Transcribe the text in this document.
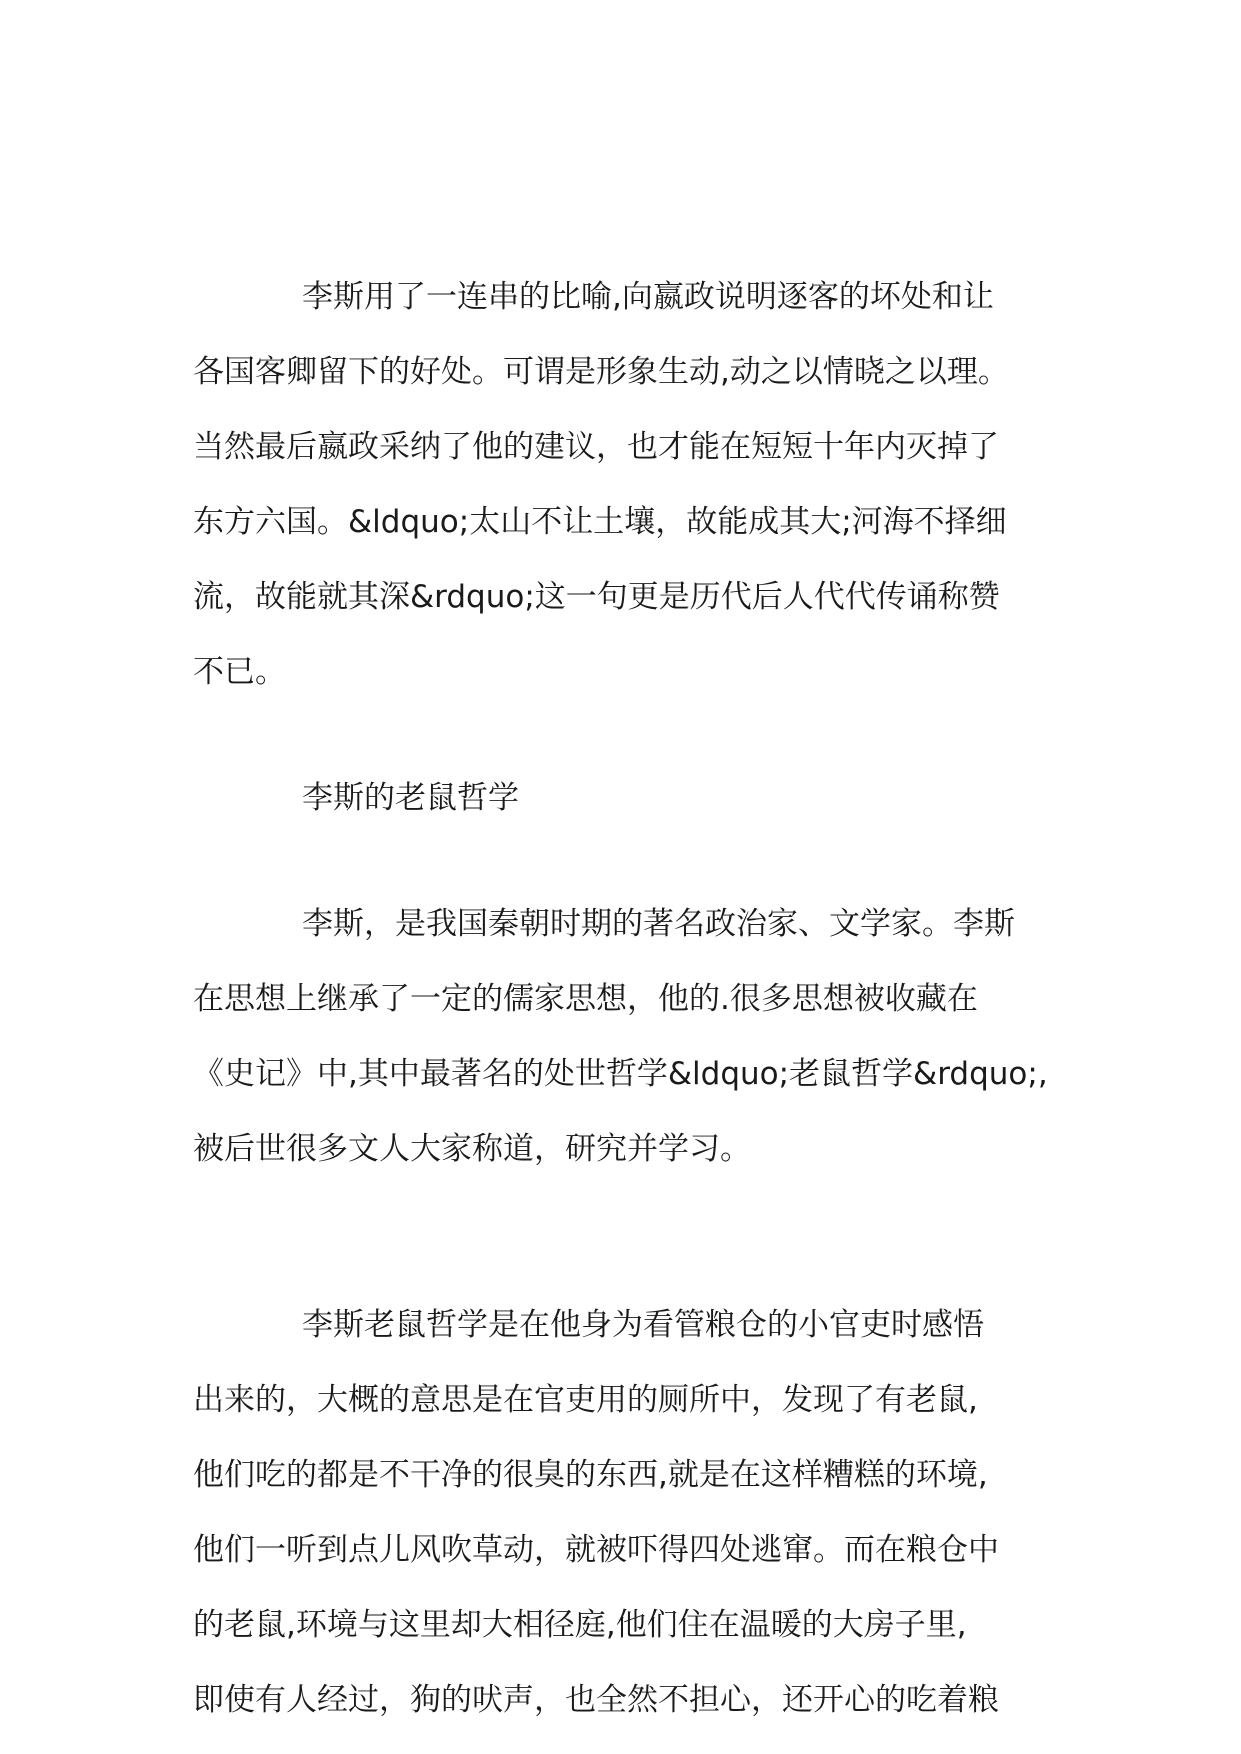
李斯用了一连串的比喻,向嬴政说明逐客的坏处和让

各国客卿留下的好处。可谓是形象生动,动之以情晓之以理。

当然最后嬴政采纳了他的建议，也才能在短短十年内灭掉了

东方六国。&ldquo;太山不让土壤，故能成其大;河海不择细

流，故能就其深&rdquo;这一句更是历代后人代代传诵称赞

不已。

李斯的老鼠哲学

李斯，是我国秦朝时期的著名政治家、文学家。李斯

在思想上继承了一定的儒家思想，他的.很多思想被收藏在

《史记》中,其中最著名的处世哲学&ldquo;老鼠哲学&rdquo;,

被后世很多文人大家称道，研究并学习。

李斯老鼠哲学是在他身为看管粮仓的小官吏时感悟

出来的，大概的意思是在官吏用的厕所中，发现了有老鼠,

他们吃的都是不干净的很臭的东西,就是在这样糟糕的环境,

他们一听到点儿风吹草动，就被吓得四处逃窜。而在粮仓中

的老鼠,环境与这里却大相径庭,他们住在温暖的大房子里,

即使有人经过，狗的吠声，也全然不担心，还开心的吃着粮
